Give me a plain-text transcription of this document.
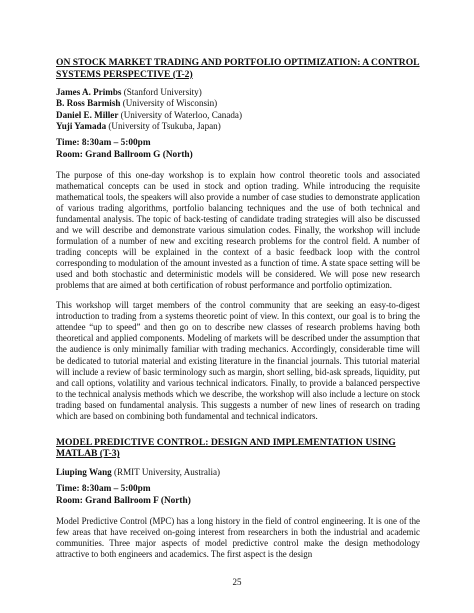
ON STOCK MARKET TRADING AND PORTFOLIO OPTIMIZATION: A CONTROL SYSTEMS PERSPECTIVE (T-2)
James A. Primbs (Stanford University)
B. Ross Barmish (University of Wisconsin)
Daniel E. Miller (University of Waterloo, Canada)
Yuji Yamada (University of Tsukuba, Japan)
Time: 8:30am – 5:00pm
Room: Grand Ballroom G (North)

The purpose of this one-day workshop is to explain how control theoretic tools and associated mathematical concepts can be used in stock and option trading. While introducing the requisite mathematical tools, the speakers will also provide a number of case studies to demonstrate application of various trading algorithms, portfolio balancing techniques and the use of both technical and fundamental analysis. The topic of back-testing of candidate trading strategies will also be discussed and we will describe and demonstrate various simulation codes. Finally, the workshop will include formulation of a number of new and exciting research problems for the control field. A number of trading concepts will be explained in the context of a basic feedback loop with the control corresponding to modulation of the amount invested as a function of time. A state space setting will be used and both stochastic and deterministic models will be considered. We will pose new research problems that are aimed at both certification of robust performance and portfolio optimization.

This workshop will target members of the control community that are seeking an easy-to-digest introduction to trading from a systems theoretic point of view. In this context, our goal is to bring the attendee “up to speed” and then go on to describe new classes of research problems having both theoretical and applied components. Modeling of markets will be described under the assumption that the audience is only minimally familiar with trading mechanics. Accordingly, considerable time will be dedicated to tutorial material and existing literature in the financial journals. This tutorial material will include a review of basic terminology such as margin, short selling, bid-ask spreads, liquidity, put and call options, volatility and various technical indicators. Finally, to provide a balanced perspective to the technical analysis methods which we describe, the workshop will also include a lecture on stock trading based on fundamental analysis. This suggests a number of new lines of research on trading which are based on combining both fundamental and technical indicators.

MODEL PREDICTIVE CONTROL: DESIGN AND IMPLEMENTATION USING MATLAB (T-3)
Liuping Wang (RMIT University, Australia)
Time: 8:30am – 5:00pm
Room: Grand Ballroom F (North)

Model Predictive Control (MPC) has a long history in the field of control engineering. It is one of the few areas that have received on-going interest from researchers in both the industrial and academic communities. Three major aspects of model predictive control make the design methodology attractive to both engineers and academics. The first aspect is the design

25
